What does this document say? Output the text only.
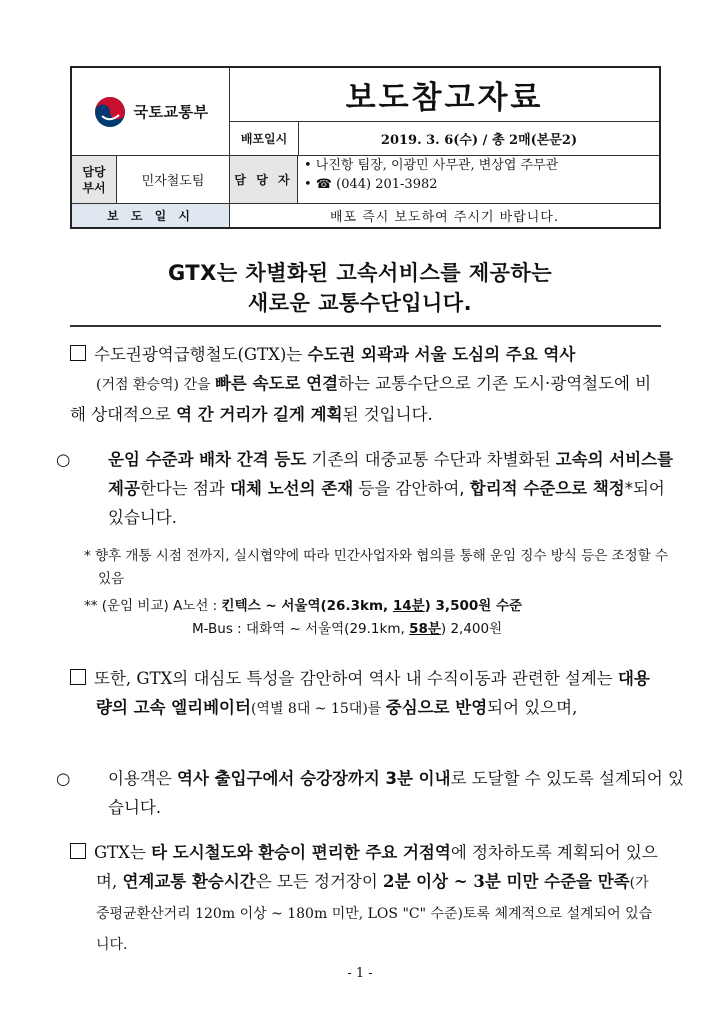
국토교통부	보도참고자료
배포일시	2019. 3. 6(수) / 총 2매(본문2)
담당
부서	민자철도팀	담 당 자
• 나진항 팀장, 이광민 사무관, 변상엽 주무관
• ☎ (044) 201-3982
보 도 일 시	배포 즉시 보도하여 주시기 바랍니다.
GTX는 차별화된 고속서비스를 제공하는
새로운 교통수단입니다.
수도권광역급행철도(GTX)는 수도권 외곽과 서울 도심의 주요 역사
(거점 환승역) 간을 빠른 속도로 연결하는 교통수단으로 기존 도시·광역철도에 비해 상대적으로 역 간 거리가 길게 계획된 것입니다.
○ 운임 수준과 배차 간격 등도 기존의 대중교통 수단과 차별화된 고속의 서비스를 제공한다는 점과 대체 노선의 존재 등을 감안하여, 합리적 수준으로 책정*되어 있습니다.
* 향후 개통 시점 전까지, 실시협약에 따라 민간사업자와 협의를 통해 운임 징수 방식 등은 조정할 수 있음
** (운임 비교) A노선 : 킨텍스 ~ 서울역(26.3km, 14분) 3,500원 수준
M-Bus : 대화역 ~ 서울역(29.1km, 58분) 2,400원
또한, GTX의 대심도 특성을 감안하여 역사 내 수직이동과 관련한 설계는 대용량의 고속 엘리베이터(역별 8대 ~ 15대)를 중심으로 반영되어 있으며,
○ 이용객은 역사 출입구에서 승강장까지 3분 이내로 도달할 수 있도록 설계되어 있습니다.
GTX는 타 도시철도와 환승이 편리한 주요 거점역에 정차하도록 계획되어 있으며, 연계교통 환승시간은 모든 정거장이 2분 이상 ~ 3분 미만 수준을 만족(가중평균환산거리 120m 이상 ~ 180m 미만, LOS "C" 수준)토록 체계적으로 설계되어 있습니다.
- 1 -
